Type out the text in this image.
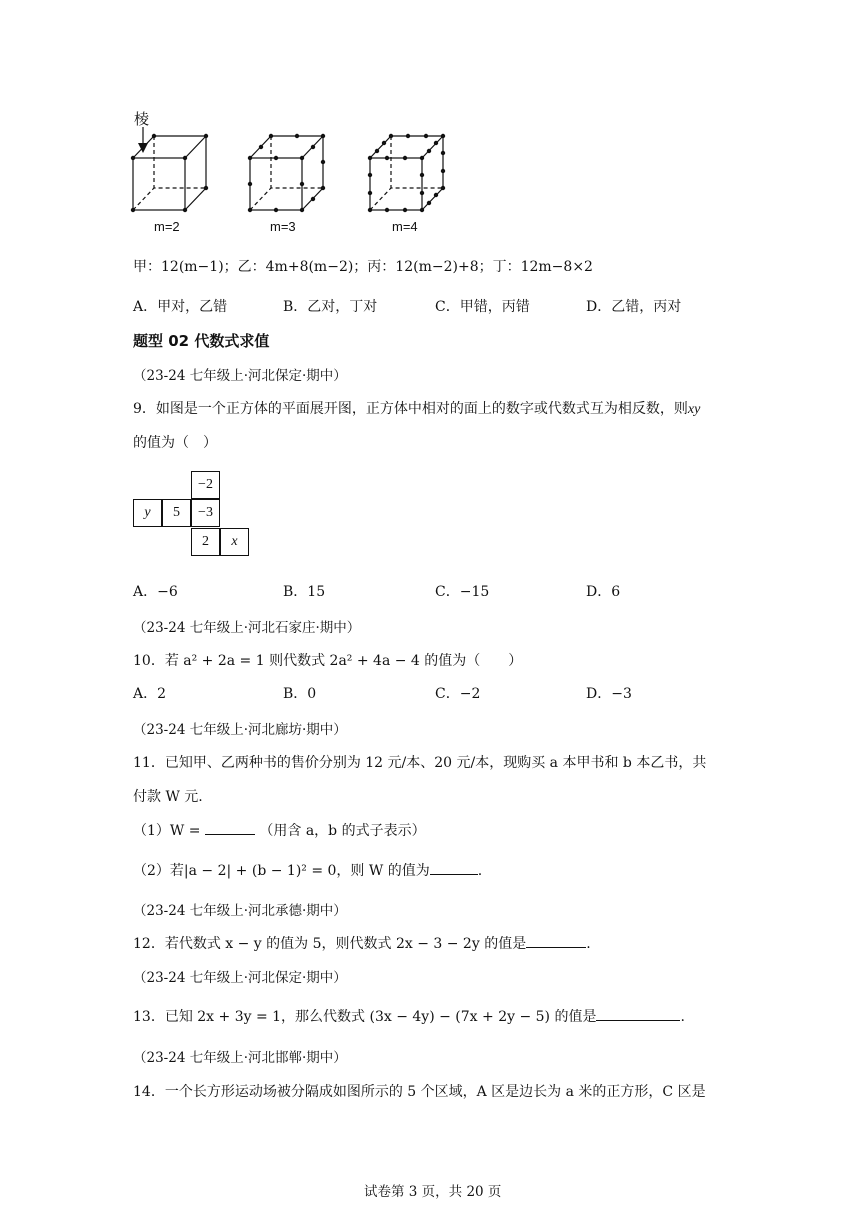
棱
m=2	m=3	m=4
甲：12(m−1)；乙：4m+8(m−2)；丙：12(m−2)+8；丁：12m−8×2
A．甲对，乙错	B．乙对，丁对	C．甲错，丙错	D．乙错，丙对
题型 02 代数式求值
（23-24 七年级上·河北保定·期中）
9．如图是一个正方体的平面展开图，正方体中相对的面上的数字或代数式互为相反数，则xy
的值为（　）
−2
y	5	−3
2	x
A．−6	B．15	C．−15	D．6
（23-24 七年级上·河北石家庄·期中）
10．若 a² + 2a = 1 则代数式 2a² + 4a − 4 的值为（　　）
A．2	B．0	C．−2	D．−3
（23-24 七年级上·河北廊坊·期中）
11．已知甲、乙两种书的售价分别为 12 元/本、20 元/本，现购买 a 本甲书和 b 本乙书，共
付款 W 元.
（1）W =	（用含 a，b 的式子表示）
（2）若|a − 2| + (b − 1)² = 0，则 W 的值为	.
（23-24 七年级上·河北承德·期中）
12．若代数式 x − y 的值为 5，则代数式 2x − 3 − 2y 的值是	.
（23-24 七年级上·河北保定·期中）
13．已知 2x + 3y = 1，那么代数式 (3x − 4y) − (7x + 2y − 5) 的值是	.
（23-24 七年级上·河北邯郸·期中）
14．一个长方形运动场被分隔成如图所示的 5 个区域，A 区是边长为 a 米的正方形，C 区是
试卷第 3 页，共 20 页
